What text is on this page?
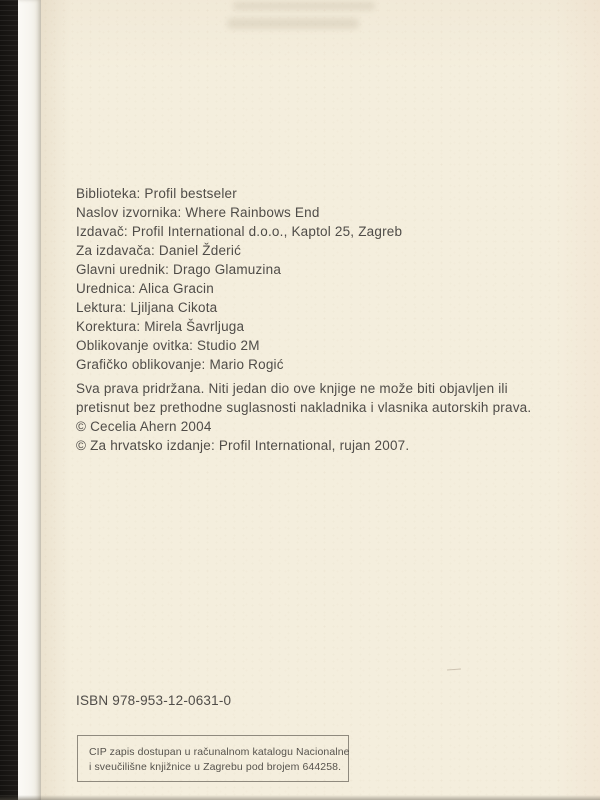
Biblioteka: Profil bestseler
Naslov izvornika: Where Rainbows End
Izdavač: Profil International d.o.o., Kaptol 25, Zagreb
Za izdavača: Daniel Žderić
Glavni urednik: Drago Glamuzina
Urednica: Alica Gracin
Lektura: Ljiljana Cikota
Korektura: Mirela Šavrljuga
Oblikovanje ovitka: Studio 2M
Grafičko oblikovanje: Mario Rogić
Sva prava pridržana. Niti jedan dio ove knjige ne može biti objavljen ili
pretisnut bez prethodne suglasnosti nakladnika i vlasnika autorskih prava.
© Cecelia Ahern 2004
© Za hrvatsko izdanje: Profil International, rujan 2007.
ISBN 978-953-12-0631-0
CIP zapis dostupan u računalnom katalogu Nacionalne
i sveučilišne knjižnice u Zagrebu pod brojem 644258.
